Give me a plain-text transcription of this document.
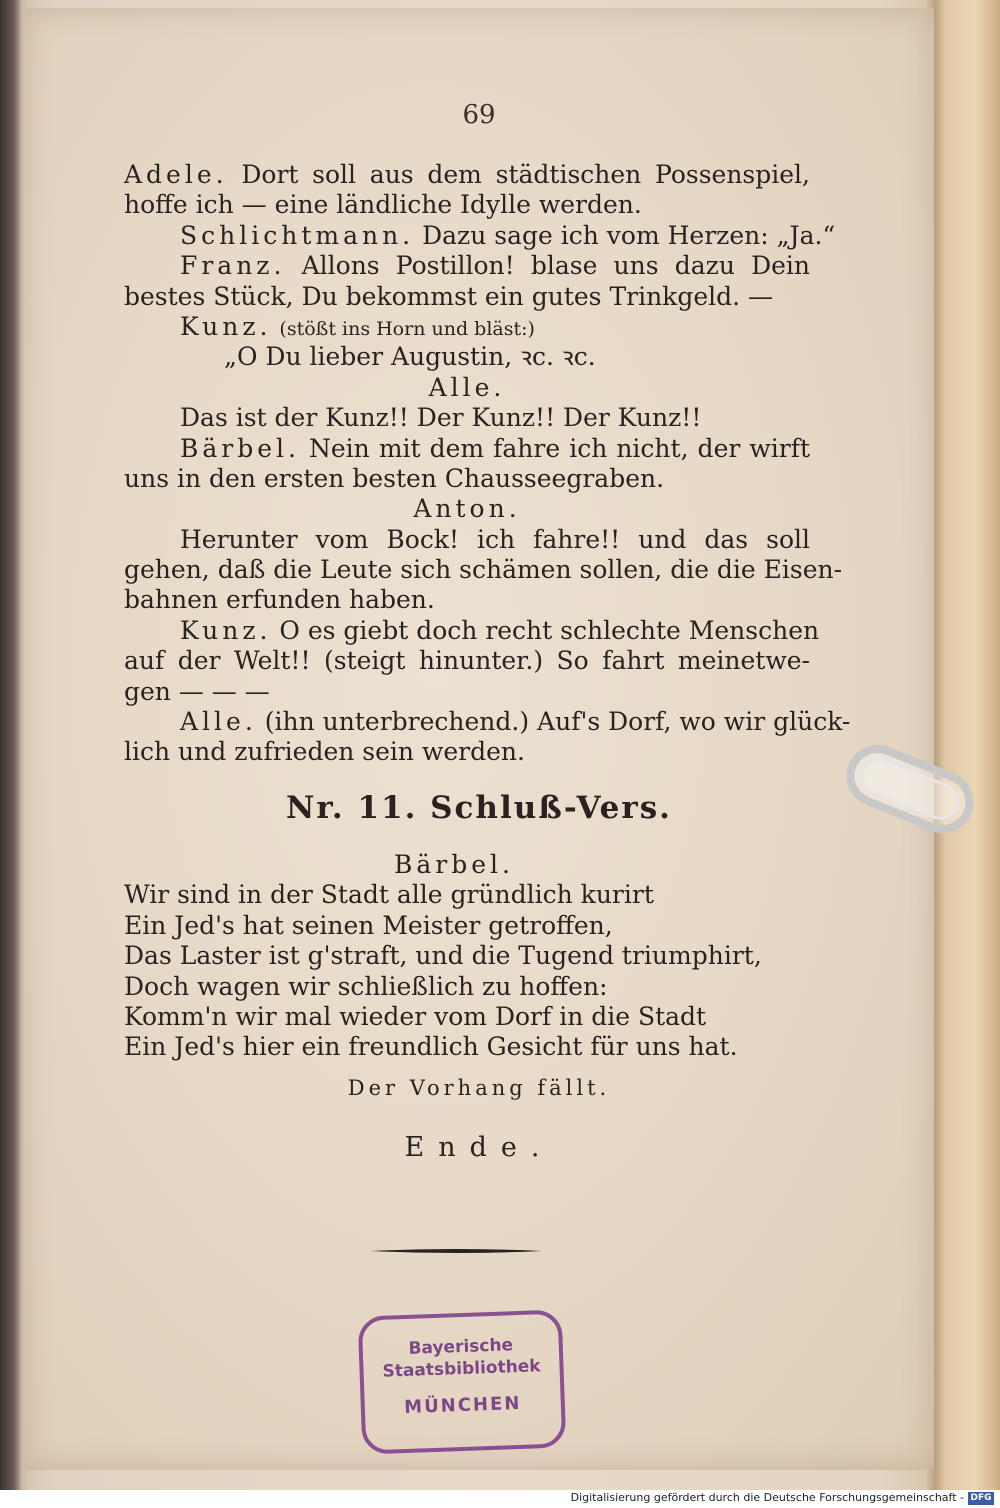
69
Adele. Dort soll aus dem städtischen Possenspiel,
hoffe ich — eine ländliche Idylle werden.
Schlichtmann. Dazu sage ich vom Herzen: „Ja.“
Franz. Allons Postillon! blase uns dazu Dein
bestes Stück, Du bekommst ein gutes Trinkgeld. —
Kunz. (stößt ins Horn und bläst:)
„O Du lieber Augustin, ꝛc. ꝛc.
Alle.
Das ist der Kunz!! Der Kunz!! Der Kunz!!
Bärbel. Nein mit dem fahre ich nicht, der wirft
uns in den ersten besten Chausseegraben.
Anton.
Herunter vom Bock! ich fahre!! und das soll
gehen, daß die Leute sich schämen sollen, die die Eisen-
bahnen erfunden haben.
Kunz. O es giebt doch recht schlechte Menschen
auf der Welt!! (steigt hinunter.) So fahrt meinetwe-
gen — — —
Alle. (ihn unterbrechend.) Auf's Dorf, wo wir glück-
lich und zufrieden sein werden.
Nr. 11. Schluß-Vers.
Bärbel.
Wir sind in der Stadt alle gründlich kurirt
Ein Jed's hat seinen Meister getroffen,
Das Laster ist g'straft, und die Tugend triumphirt,
Doch wagen wir schließlich zu hoffen:
Komm'n wir mal wieder vom Dorf in die Stadt
Ein Jed's hier ein freundlich Gesicht für uns hat.
Der Vorhang fällt.
Ende.
Bayerische
Staatsbibliothek
MÜNCHEN
Digitalisierung gefördert durch die Deutsche Forschungsgemeinschaft - DFG
